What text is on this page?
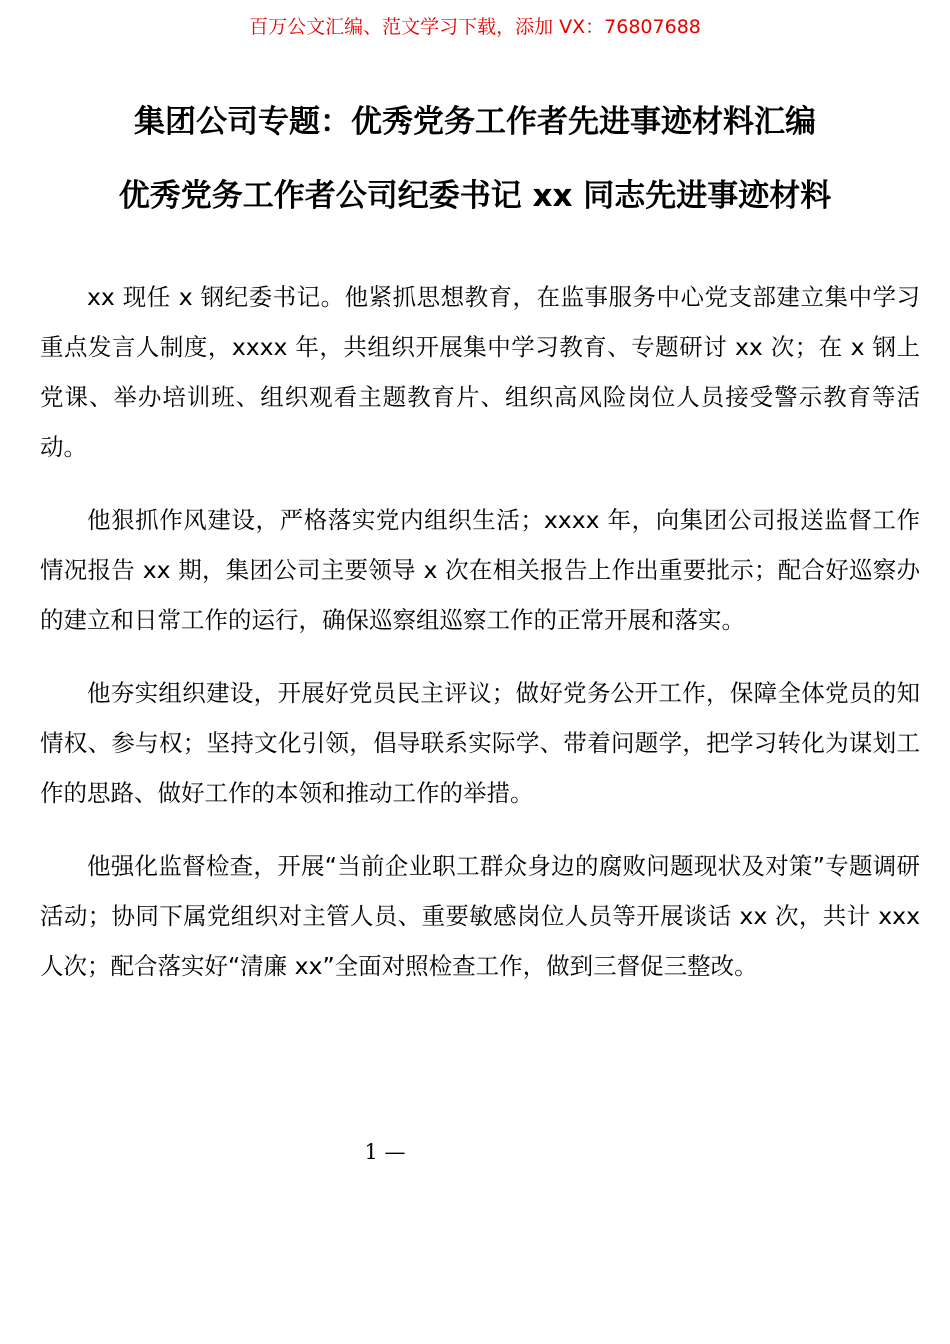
百万公文汇编、范文学习下载，添加 VX：76807688
集团公司专题：优秀党务工作者先进事迹材料汇编
优秀党务工作者公司纪委书记 xx 同志先进事迹材料

xx 现任 x 钢纪委书记。他紧抓思想教育，在监事服务中心党支部建立集中学习重点发言人制度，xxxx 年，共组织开展集中学习教育、专题研讨 xx 次；在 x 钢上党课、举办培训班、组织观看主题教育片、组织高风险岗位人员接受警示教育等活动。

他狠抓作风建设，严格落实党内组织生活；xxxx 年，向集团公司报送监督工作情况报告 xx 期，集团公司主要领导 x 次在相关报告上作出重要批示；配合好巡察办的建立和日常工作的运行，确保巡察组巡察工作的正常开展和落实。

他夯实组织建设，开展好党员民主评议；做好党务公开工作，保障全体党员的知情权、参与权；坚持文化引领，倡导联系实际学、带着问题学，把学习转化为谋划工作的思路、做好工作的本领和推动工作的举措。

他强化监督检查，开展“当前企业职工群众身边的腐败问题现状及对策”专题调研活动；协同下属党组织对主管人员、重要敏感岗位人员等开展谈话 xx 次，共计 xxx 人次；配合落实好“清廉 xx”全面对照检查工作，做到三督促三整改。

1 —
